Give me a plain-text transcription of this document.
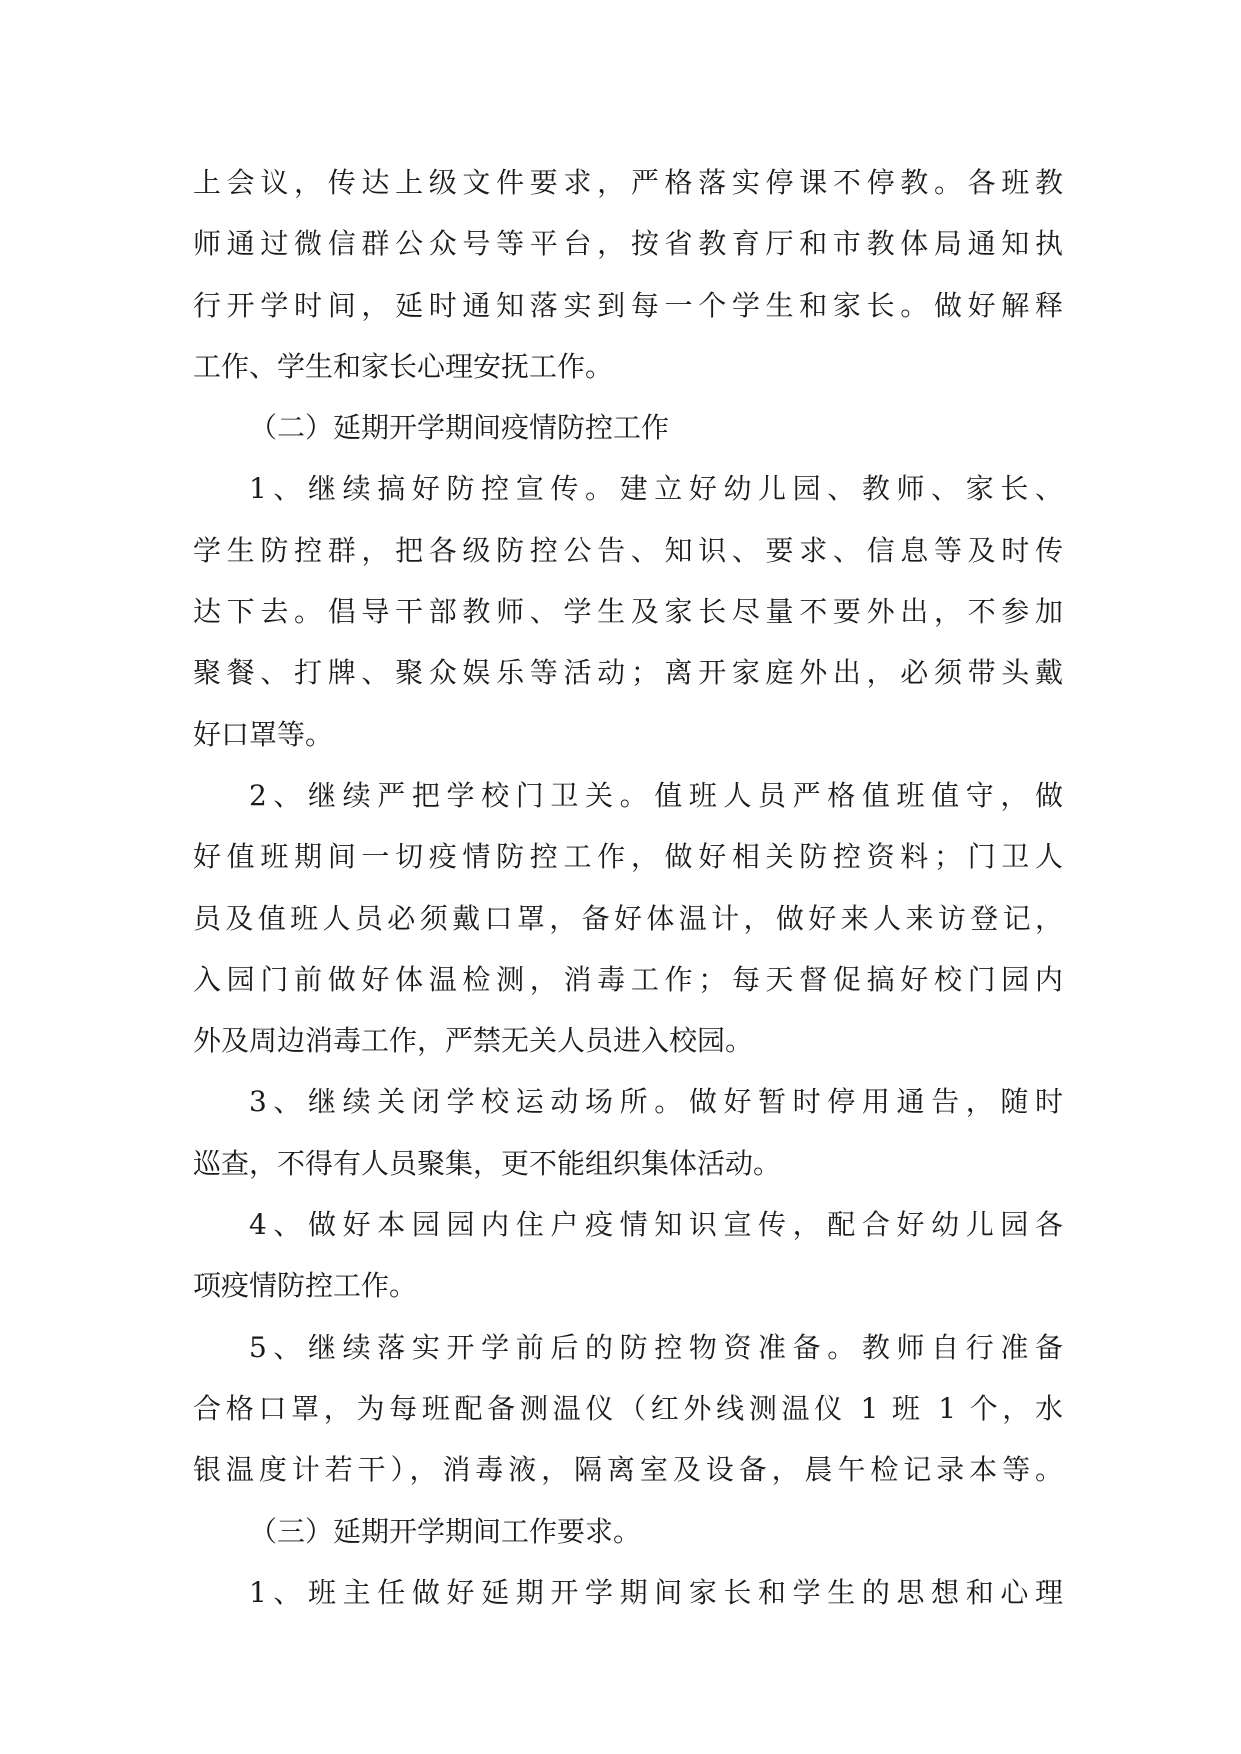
上会议，传达上级文件要求，严格落实停课不停教。各班教
师通过微信群公众号等平台，按省教育厅和市教体局通知执
行开学时间，延时通知落实到每一个学生和家长。做好解释
工作、学生和家长心理安抚工作。
（二）延期开学期间疫情防控工作
1、继续搞好防控宣传。建立好幼儿园、教师、家长、
学生防控群，把各级防控公告、知识、要求、信息等及时传
达下去。倡导干部教师、学生及家长尽量不要外出，不参加
聚餐、打牌、聚众娱乐等活动；离开家庭外出，必须带头戴
好口罩等。
2、继续严把学校门卫关。值班人员严格值班值守，做
好值班期间一切疫情防控工作，做好相关防控资料；门卫人
员及值班人员必须戴口罩，备好体温计，做好来人来访登记，
入园门前做好体温检测，消毒工作；每天督促搞好校门园内
外及周边消毒工作，严禁无关人员进入校园。
3、继续关闭学校运动场所。做好暂时停用通告，随时
巡查，不得有人员聚集，更不能组织集体活动。
4、做好本园园内住户疫情知识宣传，配合好幼儿园各
项疫情防控工作。
5、继续落实开学前后的防控物资准备。教师自行准备
合格口罩，为每班配备测温仪（红外线测温仪 1 班 1 个，水
银温度计若干），消毒液，隔离室及设备，晨午检记录本等。
（三）延期开学期间工作要求。
1、班主任做好延期开学期间家长和学生的思想和心理
